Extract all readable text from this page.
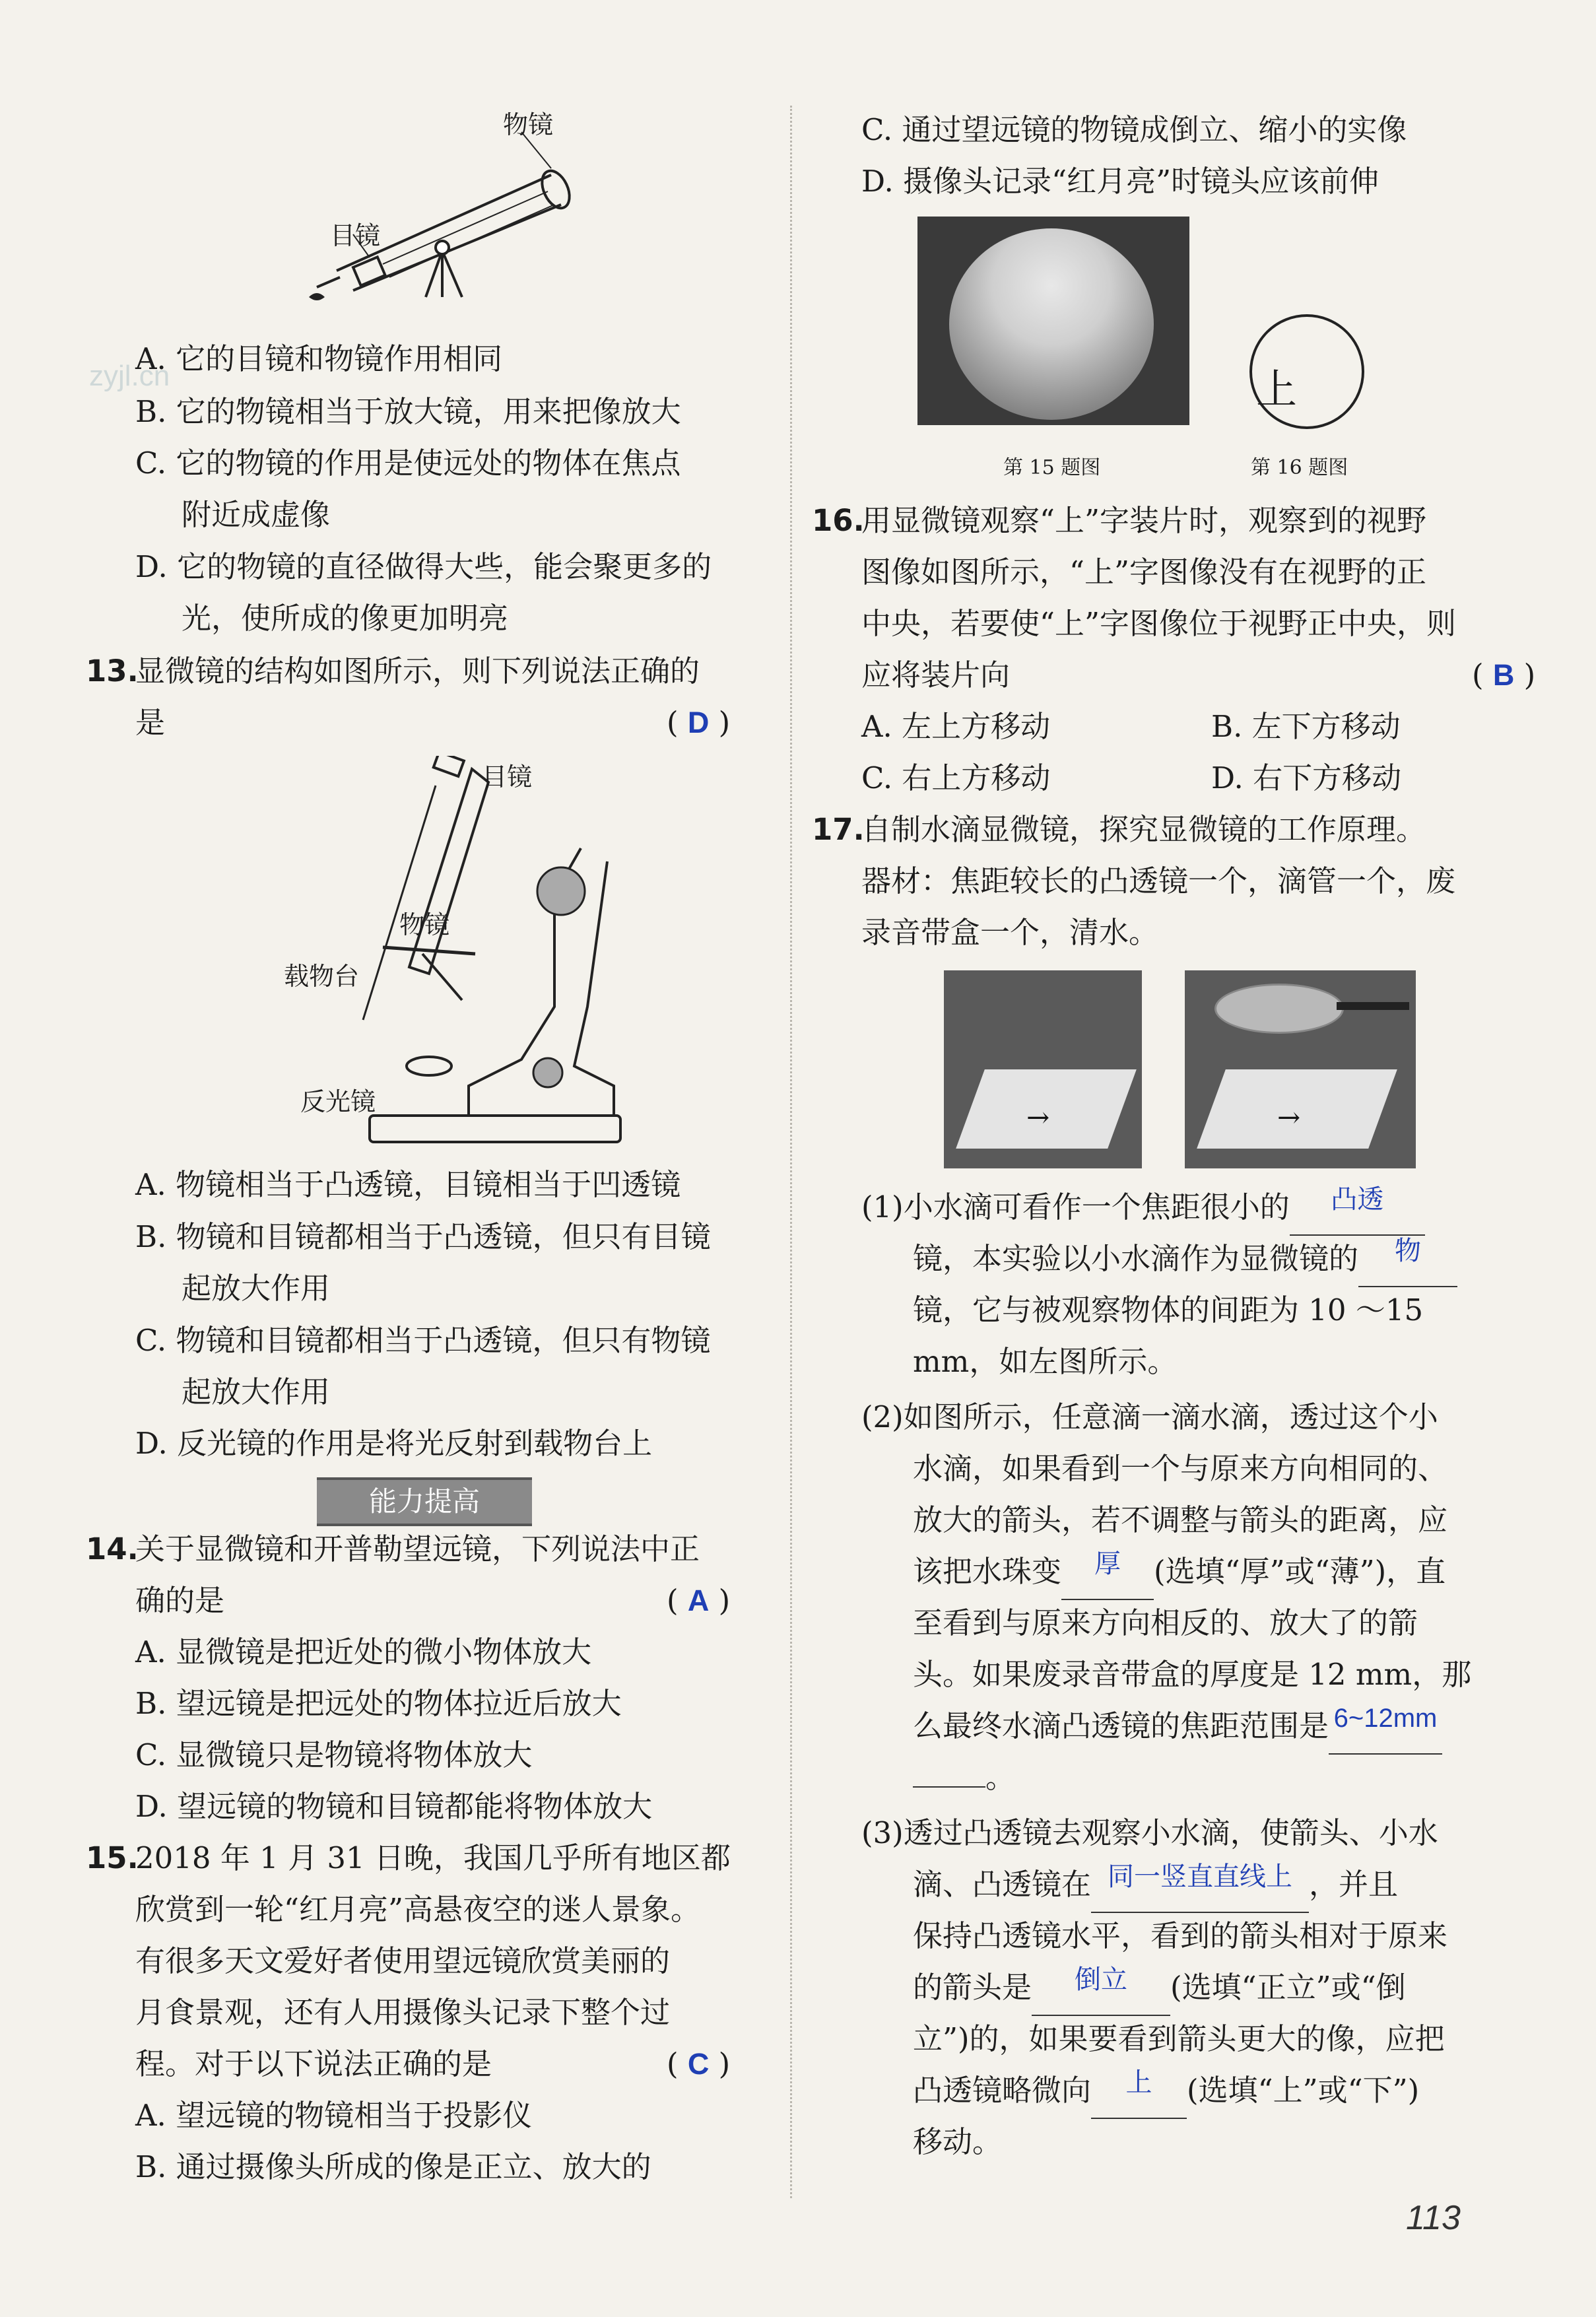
zyjl.cn
物镜
目镜
A. 它的目镜和物镜作用相同
B. 它的物镜相当于放大镜，用来把像放大
C. 它的物镜的作用是使远处的物体在焦点
附近成虚像
D. 它的物镜的直径做得大些，能会聚更多的
光，使所成的像更加明亮
13.
显微镜的结构如图所示，则下列说法正确的
是	( D )
目镜
物镜
载物台
反光镜
A. 物镜相当于凸透镜，目镜相当于凹透镜
B. 物镜和目镜都相当于凸透镜，但只有目镜
起放大作用
C. 物镜和目镜都相当于凸透镜，但只有物镜
起放大作用
D. 反光镜的作用是将光反射到载物台上
能力提高
14.
关于显微镜和开普勒望远镜，下列说法中正
确的是	( A )
A. 显微镜是把近处的微小物体放大
B. 望远镜是把远处的物体拉近后放大
C. 显微镜只是物镜将物体放大
D. 望远镜的物镜和目镜都能将物体放大
15.
2018 年 1 月 31 日晚，我国几乎所有地区都
欣赏到一轮“红月亮”高悬夜空的迷人景象。
有很多天文爱好者使用望远镜欣赏美丽的
月食景观，还有人用摄像头记录下整个过
程。对于以下说法正确的是	( C )
A. 望远镜的物镜相当于投影仪
B. 通过摄像头所成的像是正立、放大的
C. 通过望远镜的物镜成倒立、缩小的实像
D. 摄像头记录“红月亮”时镜头应该前伸
第 15 题图
上
第 16 题图
16.
用显微镜观察“上”字装片时，观察到的视野
图像如图所示，“上”字图像没有在视野的正
中央，若要使“上”字图像位于视野正中央，则
应将装片向	( B )
A. 左上方移动	B. 左下方移动
C. 右上方移动	D. 右下方移动
17.
自制水滴显微镜，探究显微镜的工作原理。
器材：焦距较长的凸透镜一个，滴管一个，废
录音带盒一个，清水。
→	→
(1)小水滴可看作一个焦距很小的 凸透
镜，本实验以小水滴作为显微镜的 物
镜，它与被观察物体的间距为 10 ～15
mm，如左图所示。
(2)如图所示，任意滴一滴水滴，透过这个小
水滴，如果看到一个与原来方向相同的、
放大的箭头，若不调整与箭头的距离，应
该把水珠变 厚 (选填“厚”或“薄”)，直
至看到与原来方向相反的、放大了的箭
头。如果废录音带盒的厚度是 12 mm，那
么最终水滴凸透镜的焦距范围是 6~12mm
。
(3)透过凸透镜去观察小水滴，使箭头、小水
滴、凸透镜在 同一竖直直线上 ，并且
保持凸透镜水平，看到的箭头相对于原来
的箭头是 倒立 (选填“正立”或“倒
立”)的，如果要看到箭头更大的像，应把
凸透镜略微向 上 (选填“上”或“下”)
移动。
113
